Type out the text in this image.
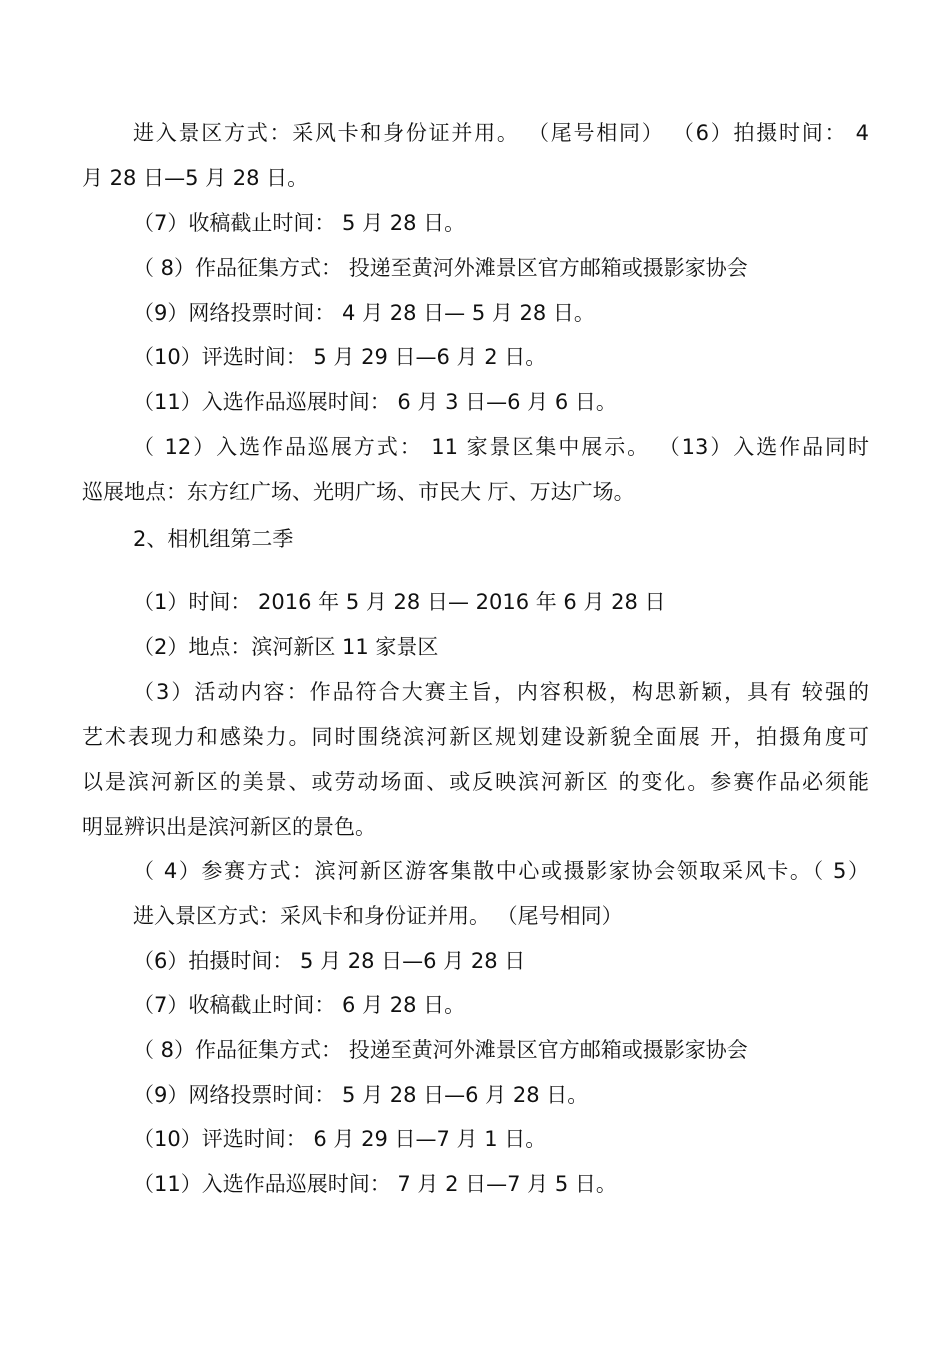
进入景区方式：采风卡和身份证并用。 （尾号相同） （6）拍摄时间： 4

月 28 日—5 月 28 日。

（7）收稿截止时间： 5 月 28 日。

（ 8）作品征集方式： 投递至黄河外滩景区官方邮箱或摄影家协会

（9）网络投票时间： 4 月 28 日— 5 月 28 日。

（10）评选时间： 5 月 29 日—6 月 2 日。

（11）入选作品巡展时间： 6 月 3 日—6 月 6 日。

（ 12）入选作品巡展方式： 11 家景区集中展示。 （13）入选作品同时

巡展地点：东方红广场、光明广场、市民大 厅、万达广场。

2、相机组第二季

（1）时间： 2016 年 5 月 28 日— 2016 年 6 月 28 日

（2）地点：滨河新区 11 家景区

（3）活动内容：作品符合大赛主旨，内容积极，构思新颖，具有 较强的

艺术表现力和感染力。同时围绕滨河新区规划建设新貌全面展 开，拍摄角度可

以是滨河新区的美景、或劳动场面、或反映滨河新区 的变化。参赛作品必须能

明显辨识出是滨河新区的景色。

（ 4）参赛方式：滨河新区游客集散中心或摄影家协会领取采风卡。（ 5）

进入景区方式：采风卡和身份证并用。 （尾号相同）

（6）拍摄时间： 5 月 28 日—6 月 28 日

（7）收稿截止时间： 6 月 28 日。

（ 8）作品征集方式： 投递至黄河外滩景区官方邮箱或摄影家协会

（9）网络投票时间： 5 月 28 日—6 月 28 日。

（10）评选时间： 6 月 29 日—7 月 1 日。

（11）入选作品巡展时间： 7 月 2 日—7 月 5 日。
